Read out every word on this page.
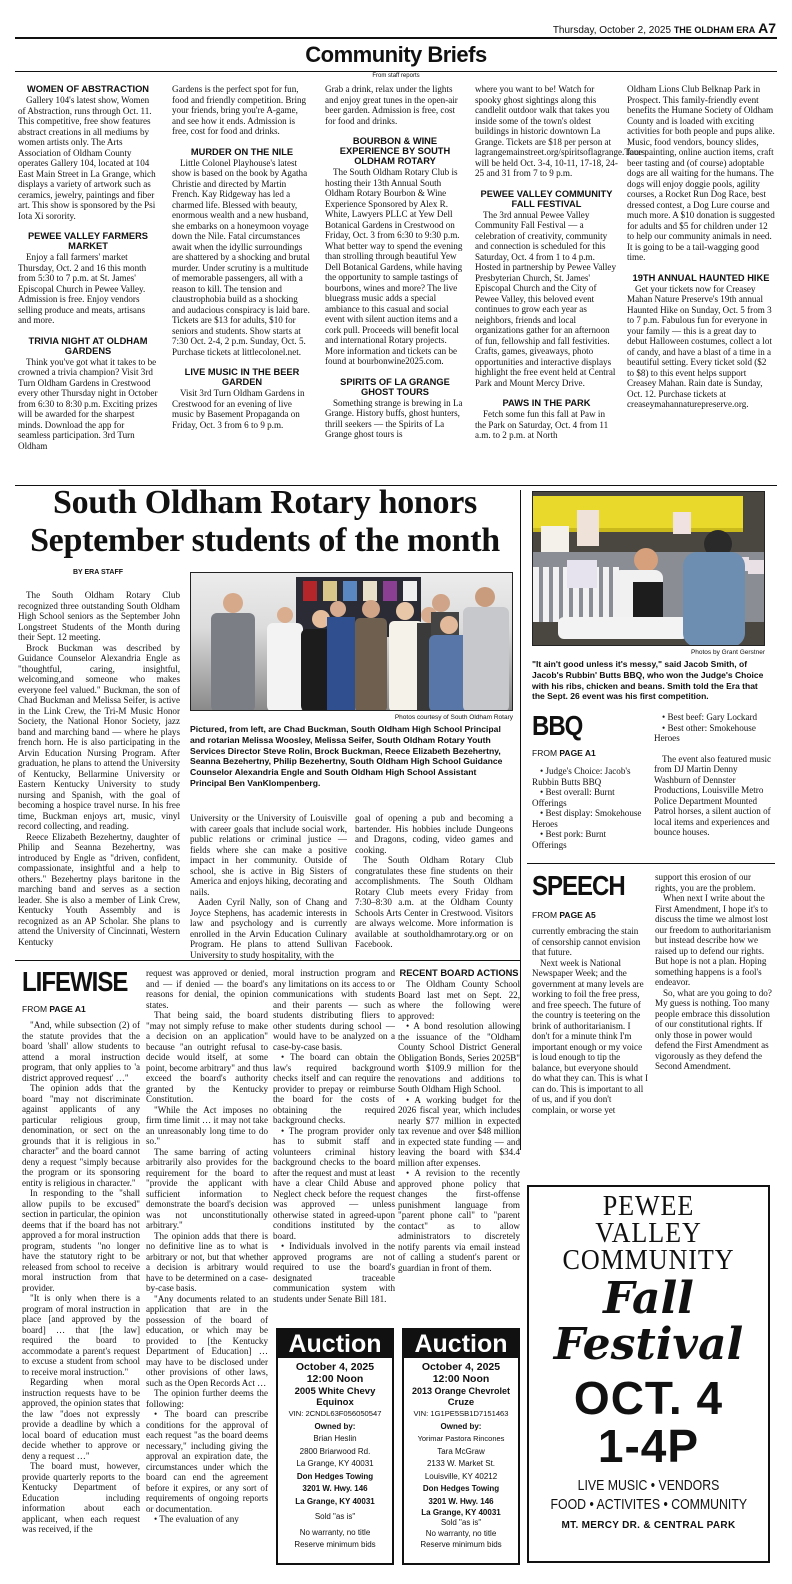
Thursday, October 2, 2025 THE OLDHAM ERA A7
Community Briefs
From staff reports
WOMEN OF ABSTRACTION

Gallery 104's latest show, Women of Abstraction, runs through Oct. 11. This competitive, free show features abstract creations in all mediums by women artists only. The Arts Association of Oldham County operates Gallery 104, located at 104 East Main Street in La Grange, which displays a variety of artwork such as ceramics, jewelry, paintings and fiber art. This show is sponsored by the Psi Iota Xi sorority.

PEWEE VALLEY FARMERS MARKET

Enjoy a fall farmers' market Thursday, Oct. 2 and 16 this month from 5:30 to 7 p.m. at St. James' Episcopal Church in Pewee Valley. Admission is free. Enjoy vendors selling produce and meats, artisans and more.

TRIVIA NIGHT AT OLDHAM GARDENS

Think you've got what it takes to be crowned a trivia champion? Visit 3rd Turn Oldham Gardens in Crestwood every other Thursday night in October from 6:30 to 8:30 p.m. Exciting prizes will be awarded for the sharpest minds. Download the app for seamless participation. 3rd Turn Oldham

Gardens is the perfect spot for fun, food and friendly competition. Bring your friends, bring you're A-game, and see how it ends. Admission is free, cost for food and drinks.

MURDER ON THE NILE

Little Colonel Playhouse's latest show is based on the book by Agatha Christie and directed by Martin French. Kay Ridgeway has led a charmed life. Blessed with beauty, enormous wealth and a new husband, she embarks on a honeymoon voyage down the Nile. Fatal circumstances await when the idyllic surroundings are shattered by a shocking and brutal murder. Under scrutiny is a multitude of memorable passengers, all with a reason to kill. The tension and claustrophobia build as a shocking and audacious conspiracy is laid bare. Tickets are $13 for adults, $10 for seniors and students. Show starts at 7:30 Oct. 2-4, 2 p.m. Sunday, Oct. 5. Purchase tickets at littlecolonel.net.

LIVE MUSIC IN THE BEER GARDEN

Visit 3rd Turn Oldham Gardens in Crestwood for an evening of live music by Basement Propaganda on Friday, Oct. 3 from 6 to 9 p.m.

Grab a drink, relax under the lights and enjoy great tunes in the open-air beer garden. Admission is free, cost for food and drinks.

BOURBON & WINE EXPERIENCE BY SOUTH OLDHAM ROTARY

The South Oldham Rotary Club is hosting their 13th Annual South Oldham Rotary Bourbon & Wine Experience Sponsored by Alex R. White, Lawyers PLLC at Yew Dell Botanical Gardens in Crestwood on Friday, Oct. 3 from 6:30 to 9:30 p.m. What better way to spend the evening than strolling through beautiful Yew Dell Botanical Gardens, while having the opportunity to sample tastings of bourbons, wines and more? The live bluegrass music adds a special ambiance to this casual and social event with silent auction items and a cork pull. Proceeds will benefit local and international Rotary projects. More information and tickets can be found at bourbonwine2025.com.

SPIRITS OF LA GRANGE GHOST TOURS

Something strange is brewing in La Grange. History buffs, ghost hunters, thrill seekers — the Spirits of La Grange ghost tours is

where you want to be! Watch for spooky ghost sightings along this candlelit outdoor walk that takes you inside some of the town's oldest buildings in historic downtown La Grange. Tickets are $18 per person at lagrangemainstreet.org/spiritsoflagrange.Tours will be held Oct. 3-4, 10-11, 17-18, 24-25 and 31 from 7 to 9 p.m.

PEWEE VALLEY COMMUNITY FALL FESTIVAL

The 3rd annual Pewee Valley Community Fall Festival — a celebration of creativity, community and connection is scheduled for this Saturday, Oct. 4 from 1 to 4 p.m. Hosted in partnership by Pewee Valley Presbyterian Church, St. James' Episcopal Church and the City of Pewee Valley, this beloved event continues to grow each year as neighbors, friends and local organizations gather for an afternoon of fun, fellowship and fall festivities. Crafts, games, giveaways, photo opportunities and interactive displays highlight the free event held at Central Park and Mount Mercy Drive.

PAWS IN THE PARK

Fetch some fun this fall at Paw in the Park on Saturday, Oct. 4 from 11 a.m. to 2 p.m. at North

Oldham Lions Club Belknap Park in Prospect. This family-friendly event benefits the Humane Society of Oldham County and is loaded with exciting activities for both people and pups alike. Music, food vendors, bouncy slides, face painting, online auction items, craft beer tasting and (of course) adoptable dogs are all waiting for the humans. The dogs will enjoy doggie pools, agility courses, a Rocket Run Dog Race, best dressed contest, a Dog Lure course and much more. A $10 donation is suggested for adults and $5 for children under 12 to help our community animals in need. It is going to be a tail-wagging good time.

19TH ANNUAL HAUNTED HIKE

Get your tickets now for Creasey Mahan Nature Preserve's 19th annual Haunted Hike on Sunday, Oct. 5 from 3 to 7 p.m. Fabulous fun for everyone in your family — this is a great day to debut Halloween costumes, collect a lot of candy, and have a blast of a time in a beautiful setting. Every ticket sold ($2 to $8) to this event helps support Creasey Mahan. Rain date is Sunday, Oct. 12. Purchase tickets at creaseymahannaturepreserve.org.

South Oldham Rotary honors September students of the month
BY ERA STAFF

The South Oldham Rotary Club recognized three outstanding South Oldham High School seniors as the September John Longstreet Students of the Month during their Sept. 12 meeting.

Brock Buckman was described by Guidance Counselor Alexandria Engle as "thoughtful, caring, insightful, welcoming,and someone who makes everyone feel valued." Buckman, the son of Chad Buckman and Melissa Seifer, is active in the Link Crew, the Tri-M Music Honor Society, the National Honor Society, jazz band and marching band — where he plays french horn. He is also participating in the Arvin Education Nursing Program. After graduation, he plans to attend the University of Kentucky, Bellarmine University or Eastern Kentucky University to study nursing and Spanish, with the goal of becoming a hospice travel nurse. In his free time, Buckman enjoys art, music, vinyl record collecting, and reading.

Reece Elizabeth Bezehertny, daughter of Philip and Seanna Bezehertny, was introduced by Engle as "driven, confident, compassionate, insightful and a help to others." Bezehertny plays baritone in the marching band and serves as a section leader. She is also a member of Link Crew, Kentucky Youth Assembly and is recognized as an AP Scholar. She plans to attend the University of Cincinnati, Western Kentucky

Photos courtesy of South Oldham Rotary
Pictured, from left, are Chad Buckman, South Oldham High School Principal and rotarian Melissa Woosley, Melissa Seifer, South Oldham Rotary Youth Services Director Steve Rolin, Brock Buckman, Reece Elizabeth Bezehertny, Seanna Bezehertny, Philip Bezehertny, South Oldham High School Guidance Counselor Alexandria Engle and South Oldham High School Assistant Principal Ben VanKlompenberg.

University or the University of Louisville with career goals that include social work, public relations or criminal justice — fields where she can make a positive impact in her community. Outside of school, she is active in Big Sisters of America and enjoys hiking, decorating and nails.

Aaden Cyril Nally, son of Chang and Joyce Stephens, has academic interests in law and psychology and is currently enrolled in the Arvin Education Culinary Program. He plans to attend Sullivan University to study hospitality, with the

goal of opening a pub and becoming a bartender. His hobbies include Dungeons and Dragons, coding, video games and cooking.

The South Oldham Rotary Club congratulates these fine students on their accomplishments. The South Oldham Rotary Club meets every Friday from 7:30–8:30 a.m. at the Oldham County Schools Arts Center in Crestwood. Visitors are always welcome. More information is available at southoldhamrotary.org or on Facebook.

Photos by Grant Gerstner
"It ain't good unless it's messy," said Jacob Smith, of Jacob's Rubbin' Butts BBQ, who won the Judge's Choice with his ribs, chicken and beans. Smith told the Era that the Sept. 26 event was his first competition.
BBQ
FROM PAGE A1

• Judge's Choice: Jacob's Rubbin Butts BBQ

• Best overall: Burnt Offerings

• Best display: Smokehouse Heroes

• Best pork: Burnt Offerings

• Best beef: Gary Lockard

• Best other: Smokehouse Heroes

The event also featured music from DJ Martin Denny Washburn of Dennster Productions, Louisville Metro Police Department Mounted Patrol horses, a silent auction of local items and experiences and bounce houses.

SPEECH
FROM PAGE A5

currently embracing the stain of censorship cannot envision that future.

Next week is National Newspaper Week; and the government at many levels are working to foil the free press, and free speech. The future of the country is teetering on the brink of authoritarianism. I don't for a minute think I'm important enough or my voice is loud enough to tip the balance, but everyone should do what they can. This is what I can do. This is important to all of us, and if you don't complain, or worse yet

support this erosion of our rights, you are the problem.

When next I write about the First Amendment, I hope it's to discuss the time we almost lost our freedom to authoritarianism but instead describe how we raised up to defend our rights. But hope is not a plan. Hoping something happens is a fool's endeavor.

So, what are you going to do? My guess is nothing. Too many people embrace this dissolution of our constitutional rights. If only those in power would defend the First Amendment as vigorously as they defend the Second Amendment.

LIFEWISE
FROM PAGE A1

"And, while subsection (2) of the statute provides that the board 'shall' allow students to attend a moral instruction program, that only applies to 'a district approved request' …"

The opinion adds that the board "may not discriminate against applicants of any particular religious group, denomination, or sect on the grounds that it is religious in character" and the board cannot deny a request "simply because the program or its sponsoring entity is religious in character."

In responding to the "shall allow pupils to be excused" section in particular, the opinion deems that if the board has not approved a for moral instruction program, students "no longer have the statutory right to be released from school to receive moral instruction from that provider.

"It is only when there is a program of moral instruction in place [and approved by the board] … that [the law] required the board to accommodate a parent's request to excuse a student from school to receive moral instruction."

Regarding when moral instruction requests have to be approved, the opinion states that the law "does not expressly provide a deadline by which a local board of education must decide whether to approve or deny a request …"

The board must, however, provide quarterly reports to the Kentucky Department of Education including information about each applicant, when each request was received, if the

request was approved or denied, and — if denied — the board's reasons for denial, the opinion states.

That being said, the board "may not simply refuse to make a decision on an application" because "an outright refusal to decide would itself, at some point, become arbitrary" and thus exceed the board's authority granted by the Kentucky Constitution.

"While the Act imposes no firm time limit … it may not take an unreasonably long time to do so."

The same barring of acting arbitrarily also provides for the requirement for the board to "provide the applicant with sufficient information to demonstrate the board's decision was not unconstitutionally arbitrary."

The opinion adds that there is no definitive line as to what is arbitrary or not, but that whether a decision is arbitrary would have to be determined on a case-by-case basis.

"Any documents related to an application that are in the possession of the board of education, or which may be provided to [the Kentucky Department of Education] … may have to be disclosed under other provisions of other laws, such as the Open Records Act …

The opinion further deems the following:

• The board can prescribe conditions for the approval of each request "as the board deems necessary," including giving the approval an expiration date, the circumstances under which the board can end the agreement before it expires, or any sort of requirements of ongoing reports or documentation.

• The evaluation of any

moral instruction program and any limitations on its access to or communications with students and their parents — such as students distributing fliers to other students during school — would have to be analyzed on a case-by-case basis.

• The board can obtain the law's required background checks itself and can require the provider to prepay or reimburse the board for the costs of obtaining the required background checks.

• The program provider only has to submit staff and volunteers criminal history background checks to the board after the request and must at least have a clear Child Abuse and Neglect check before the request was approved — unless otherwise stated in agreed-upon conditions instituted by the board.

• Individuals involved in the approved programs are not required to use the board's designated traceable communication system with students under Senate Bill 181.

RECENT BOARD ACTIONS

The Oldham County School Board last met on Sept. 22, where the following were approved:

• A bond resolution allowing the issuance of the "Oldham County School District General Obligation Bonds, Series 2025B" worth $109.9 million for the renovations and additions to South Oldham High School.

• A working budget for the 2026 fiscal year, which includes nearly $77 million in expected tax revenue and over $48 million in expected state funding — and leaving the board with $34.4 million after expenses.

• A revision to the recently approved phone policy that changes the first-offense punishment language from "parent phone call" to "parent contact" as to allow administrators to discretely notify parents via email instead of calling a student's parent or guardian in front of them.

Auction
October 4, 2025
12:00 Noon
2005 White Chevy
Equinox
VIN: 2CNDL63F056050547
Owned by:
Brian Heslin
2800 Briarwood Rd.
La Grange, KY 40031
Don Hedges Towing
3201 W. Hwy. 146
La Grange, KY 40031
Sold "as is"
No warranty, no title
Reserve minimum bids
Auction
October 4, 2025
12:00 Noon
2013 Orange Chevrolet
Cruze
VIN: 1G1PE5SB1D7151463
Owned by:
Yorimar Pastora Rincones
Tara McGraw
2133 W. Market St.
Louisville, KY 40212
Don Hedges Towing
3201 W. Hwy. 146
La Grange, KY 40031
Sold "as is"
No warranty, no title
Reserve minimum bids
PEWEE
VALLEY
COMMUNITY
Fall
Festival
OCT. 4
1-4P
LIVE MUSIC • VENDORS
FOOD • ACTIVITES • COMMUNITY
MT. MERCY DR. & CENTRAL PARK
